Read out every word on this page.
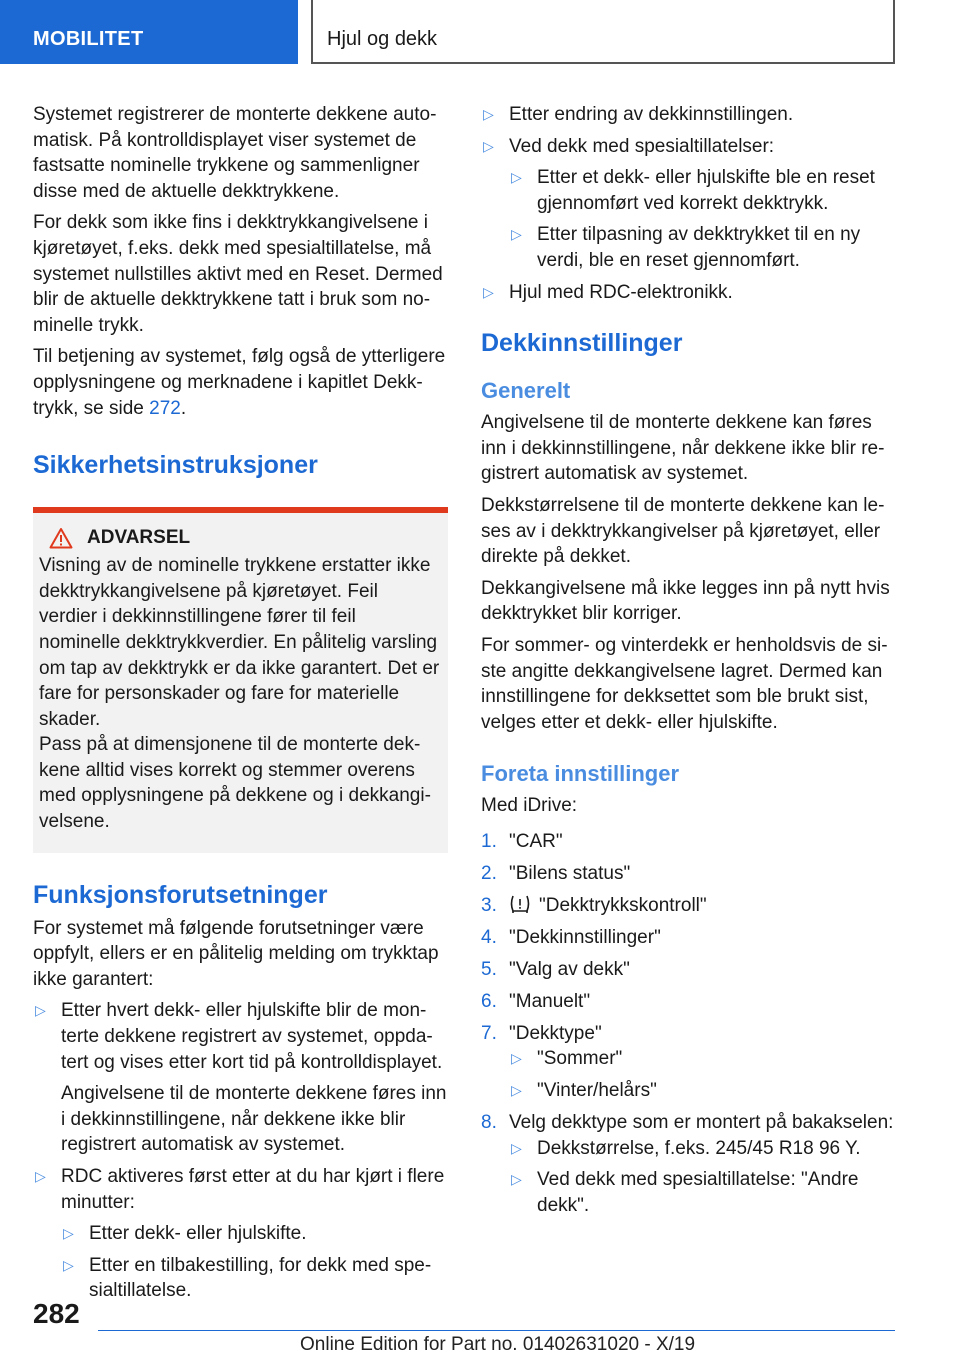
MOBILITET	Hjul og dekk

Systemet registrerer de monterte dekkene automatisk. På kontrolldisplayet viser systemet de fastsatte nominelle trykkene og sammenligner disse med de aktuelle dekktrykkene.

For dekk som ikke fins i dekktrykkangivelsene i kjøretøyet, f.eks. dekk med spesialtillatelse, må systemet nullstilles aktivt med en Reset. Dermed blir de aktuelle dekktrykkene tatt i bruk som nominelle trykk.

Til betjening av systemet, følg også de ytterligere opplysningene og merknadene i kapitlet Dekktrykk, se side 272.

Sikkerhetsinstruksjoner
ADVARSEL

Visning av de nominelle trykkene erstatter ikke dekktrykkangivelsene på kjøretøyet. Feil verdier i dekkinnstillingene fører til feil nominelle dekktrykkverdier. En pålitelig varsling om tap av dekktrykk er da ikke garantert. Det er fare for personskader og fare for materielle skader.

Pass på at dimensjonene til de monterte dekkene alltid vises korrekt og stemmer overens med opplysningene på dekkene og i dekkangivelsene.

Funksjonsforutsetninger

For systemet må følgende forutsetninger være oppfylt, ellers er en pålitelig melding om trykktap ikke garantert:

▷ Etter hvert dekk- eller hjulskifte blir de monterte dekkene registrert av systemet, oppdatert og vises etter kort tid på kontrolldisplayet.
Angivelsene til de monterte dekkene føres inn i dekkinnstillingene, når dekkene ikke blir registrert automatisk av systemet.
▷ RDC aktiveres først etter at du har kjørt i flere minutter:
▷ Etter dekk- eller hjulskifte.
▷ Etter en tilbakestilling, for dekk med spesialtillatelse.
▷ Etter endring av dekkinnstillingen.
▷ Ved dekk med spesialtillatelser:
▷ Etter et dekk- eller hjulskifte ble en reset gjennomført ved korrekt dekktrykk.
▷ Etter tilpasning av dekktrykket til en ny verdi, ble en reset gjennomført.
▷ Hjul med RDC-elektronikk.
Dekkinnstillinger
Generelt

Angivelsene til de monterte dekkene kan føres inn i dekkinnstillingene, når dekkene ikke blir registrert automatisk av systemet.

Dekkstørrelsene til de monterte dekkene kan leses av i dekktrykkangivelser på kjøretøyet, eller direkte på dekket.

Dekkangivelsene må ikke legges inn på nytt hvis dekktrykket blir korriger.

For sommer- og vinterdekk er henholdsvis de siste angitte dekkangivelsene lagret. Dermed kan innstillingene for dekksettet som ble brukt sist, velges etter et dekk- eller hjulskifte.

Foreta innstillinger

Med iDrive:

1. "CAR"
2. "Bilens status"
3. "Dekktrykkskontroll"
4. "Dekkinnstillinger"
5. "Valg av dekk"
6. "Manuelt"
7. "Dekktype"
▷ "Sommer"
▷ "Vinter/helårs"
8. Velg dekktype som er montert på bakakselen:
▷ Dekkstørrelse, f.eks. 245/45 R18 96 Y.
▷ Ved dekk med spesialtillatelse: "Andre dekk".
282
Online Edition for Part no. 01402631020 - X/19
